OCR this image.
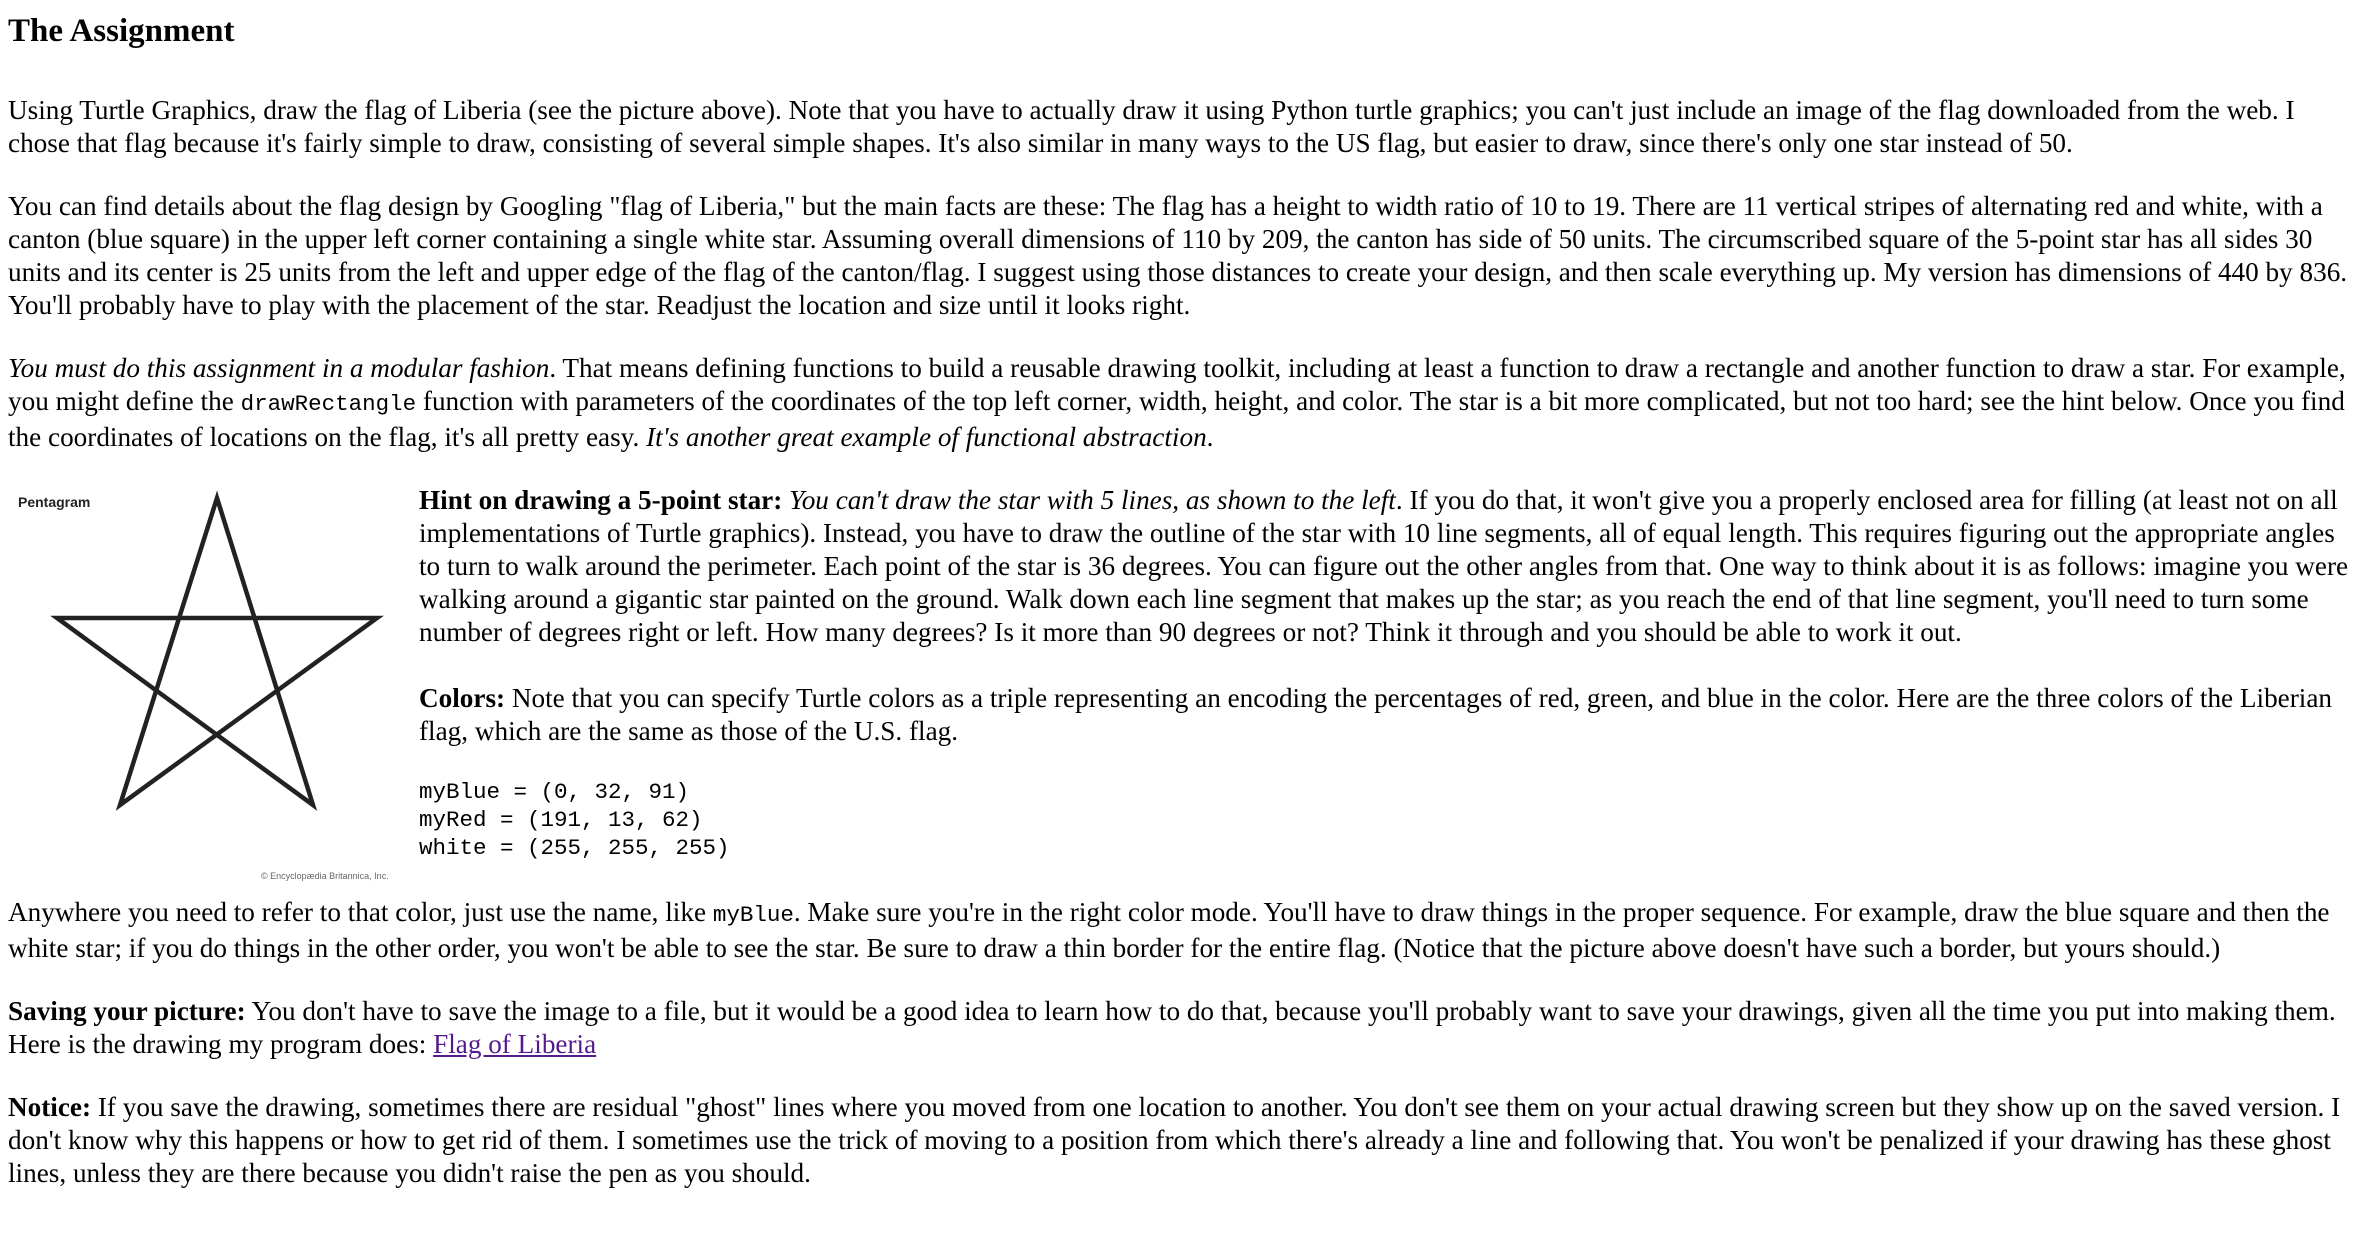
The Assignment

Using Turtle Graphics, draw the flag of Liberia (see the picture above). Note that you have to actually draw it using Python turtle graphics; you can't just include an image of the flag downloaded from the web. I chose that flag because it's fairly simple to draw, consisting of several simple shapes. It's also similar in many ways to the US flag, but easier to draw, since there's only one star instead of 50.

You can find details about the flag design by Googling "flag of Liberia," but the main facts are these: The flag has a height to width ratio of 10 to 19. There are 11 vertical stripes of alternating red and white, with a canton (blue square) in the upper left corner containing a single white star. Assuming overall dimensions of 110 by 209, the canton has side of 50 units. The circumscribed square of the 5-point star has all sides 30 units and its center is 25 units from the left and upper edge of the flag of the canton/flag. I suggest using those distances to create your design, and then scale everything up. My version has dimensions of 440 by 836. You'll probably have to play with the placement of the star. Readjust the location and size until it looks right.

You must do this assignment in a modular fashion. That means defining functions to build a reusable drawing toolkit, including at least a function to draw a rectangle and another function to draw a star. For example, you might define the drawRectangle function with parameters of the coordinates of the top left corner, width, height, and color. The star is a bit more complicated, but not too hard; see the hint below. Once you find the coordinates of locations on the flag, it's all pretty easy. It's another great example of functional abstraction.

Pentagram
© Encyclopædia Britannica, Inc.

Hint on drawing a 5-point star: You can't draw the star with 5 lines, as shown to the left. If you do that, it won't give you a properly enclosed area for filling (at least not on all implementations of Turtle graphics). Instead, you have to draw the outline of the star with 10 line segments, all of equal length. This requires figuring out the appropriate angles to turn to walk around the perimeter. Each point of the star is 36 degrees. You can figure out the other angles from that. One way to think about it is as follows: imagine you were walking around a gigantic star painted on the ground. Walk down each line segment that makes up the star; as you reach the end of that line segment, you'll need to turn some number of degrees right or left. How many degrees? Is it more than 90 degrees or not? Think it through and you should be able to work it out.

Colors: Note that you can specify Turtle colors as a triple representing an encoding the percentages of red, green, and blue in the color. Here are the three colors of the Liberian flag, which are the same as those of the U.S. flag.

myBlue = (0, 32, 91)
myRed = (191, 13, 62)
white = (255, 255, 255)

Anywhere you need to refer to that color, just use the name, like myBlue. Make sure you're in the right color mode. You'll have to draw things in the proper sequence. For example, draw the blue square and then the white star; if you do things in the other order, you won't be able to see the star. Be sure to draw a thin border for the entire flag. (Notice that the picture above doesn't have such a border, but yours should.)

Saving your picture: You don't have to save the image to a file, but it would be a good idea to learn how to do that, because you'll probably want to save your drawings, given all the time you put into making them. Here is the drawing my program does: Flag of Liberia

Notice: If you save the drawing, sometimes there are residual "ghost" lines where you moved from one location to another. You don't see them on your actual drawing screen but they show up on the saved version. I don't know why this happens or how to get rid of them. I sometimes use the trick of moving to a position from which there's already a line and following that. You won't be penalized if your drawing has these ghost lines, unless they are there because you didn't raise the pen as you should.
